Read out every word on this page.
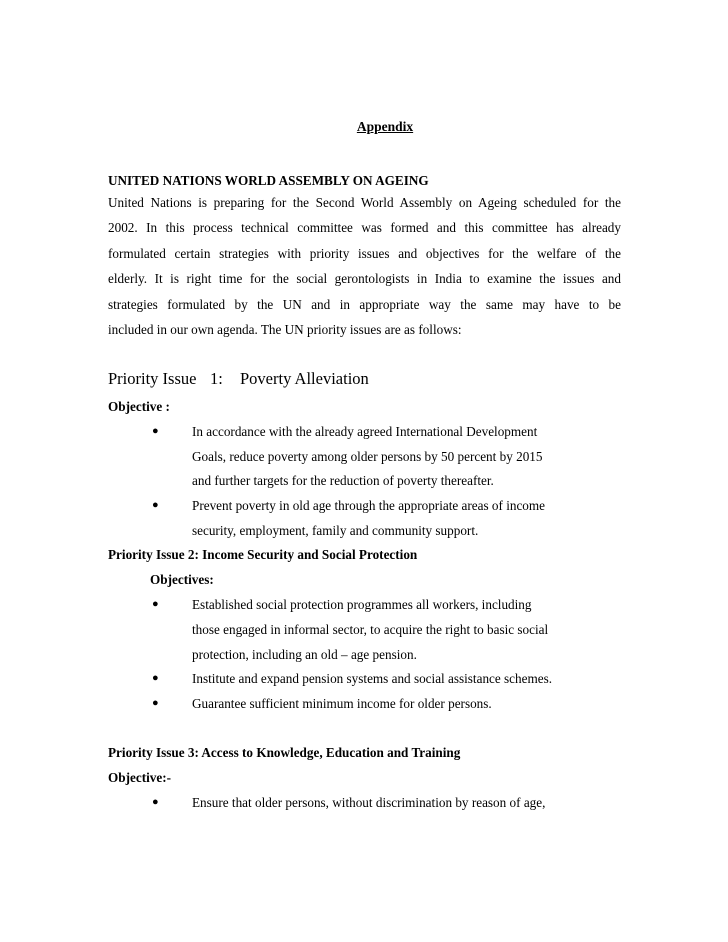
Appendix
UNITED NATIONS WORLD ASSEMBLY ON AGEING
United Nations is preparing for the Second World Assembly on Ageing scheduled for the
2002. In this process technical committee was formed and this committee has already
formulated certain strategies with priority issues and objectives for the welfare of the
elderly. It is right time for the social gerontologists in India to examine the issues and
strategies formulated by the UN and in appropriate way the same may have to be
included in our own agenda. The UN priority issues are as follows:
Priority Issue 1: Poverty Alleviation
Objective :
●	In accordance with the already agreed International Development
Goals, reduce poverty among older persons by 50 percent by 2015
and further targets for the reduction of poverty thereafter.
●	Prevent poverty in old age through the appropriate areas of income
security, employment, family and community support.
Priority Issue 2: Income Security and Social Protection
Objectives:
●	Established social protection programmes all workers, including
those engaged in informal sector, to acquire the right to basic social
protection, including an old – age pension.
●	Institute and expand pension systems and social assistance schemes.
●	Guarantee sufficient minimum income for older persons.
Priority Issue 3: Access to Knowledge, Education and Training
Objective:-
●	Ensure that older persons, without discrimination by reason of age,
